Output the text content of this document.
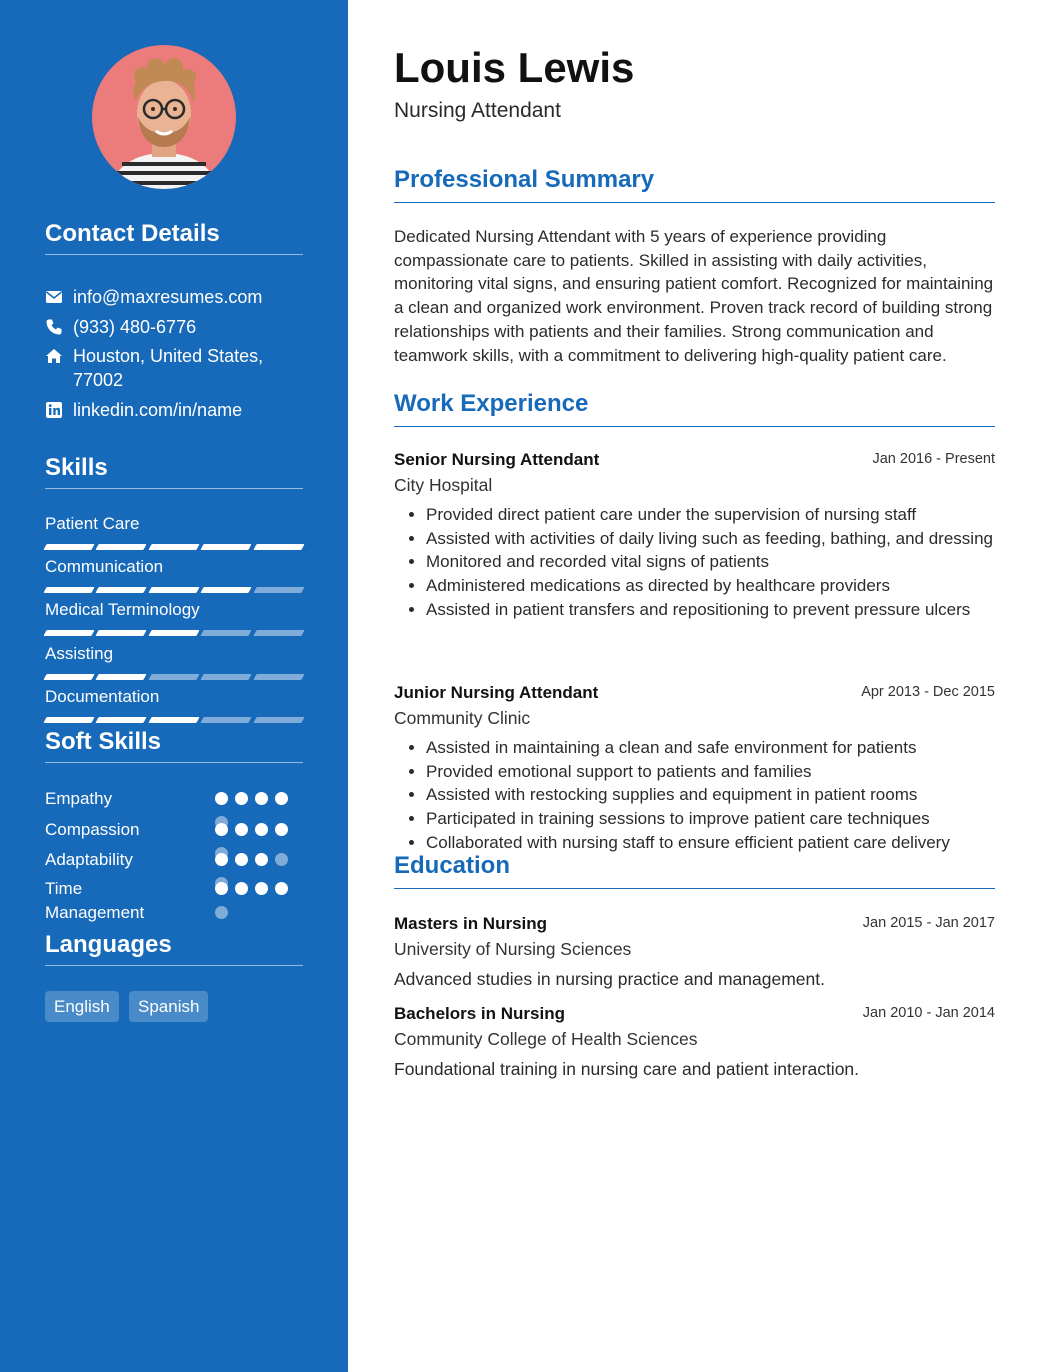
Contact Details
info@maxresumes.com
(933) 480-6776
Houston, United States, 77002
linkedin.com/in/name
Skills
Patient Care
Communication
Medical Terminology
Assisting
Documentation
Soft Skills
Empathy
Compassion
Adaptability
Time Management
Languages
English	Spanish
Louis Lewis
Nursing Attendant
Professional Summary

Dedicated Nursing Attendant with 5 years of experience providing compassionate care to patients. Skilled in assisting with daily activities, monitoring vital signs, and ensuring patient comfort. Recognized for maintaining a clean and organized work environment. Proven track record of building strong relationships with patients and their families. Strong communication and teamwork skills, with a commitment to delivering high-quality patient care.

Work Experience
Senior Nursing Attendant	Jan 2016 - Present
City Hospital
• Provided direct patient care under the supervision of nursing staff
• Assisted with activities of daily living such as feeding, bathing, and dressing
• Monitored and recorded vital signs of patients
• Administered medications as directed by healthcare providers
• Assisted in patient transfers and repositioning to prevent pressure ulcers
Junior Nursing Attendant	Apr 2013 - Dec 2015
Community Clinic
• Assisted in maintaining a clean and safe environment for patients
• Provided emotional support to patients and families
• Assisted with restocking supplies and equipment in patient rooms
• Participated in training sessions to improve patient care techniques
• Collaborated with nursing staff to ensure efficient patient care delivery
Education
Masters in Nursing	Jan 2015 - Jan 2017
University of Nursing Sciences
Advanced studies in nursing practice and management.
Bachelors in Nursing	Jan 2010 - Jan 2014
Community College of Health Sciences
Foundational training in nursing care and patient interaction.
